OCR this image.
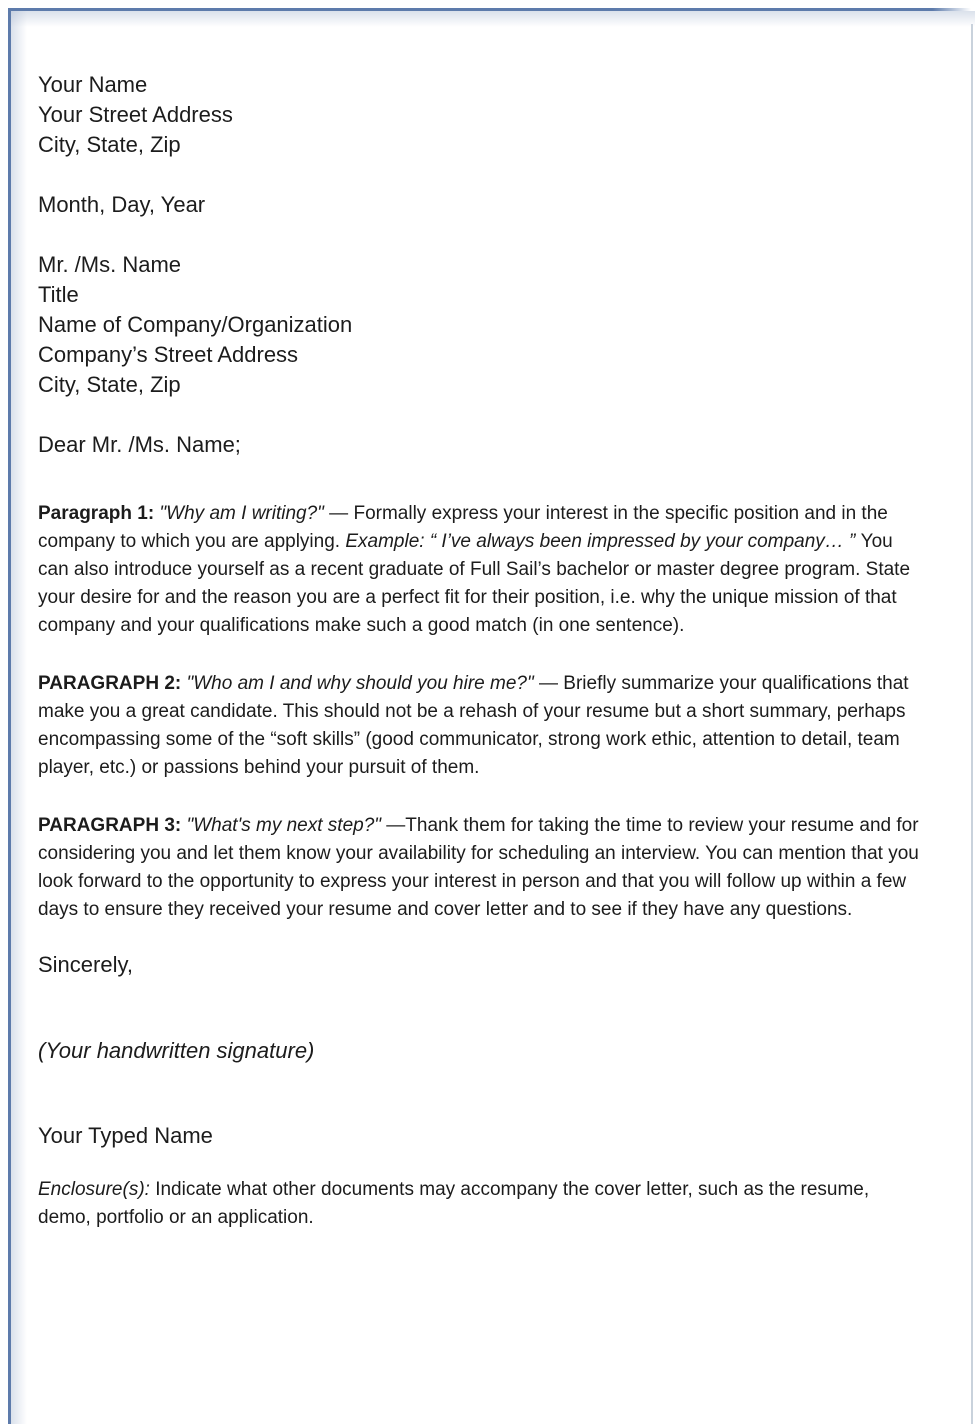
Your Name
Your Street Address
City, State, Zip
Month, Day, Year
Mr. /Ms. Name
Title
Name of Company/Organization
Company’s Street Address
City, State, Zip
Dear Mr. /Ms. Name;

Paragraph 1: "Why am I writing?" — Formally express your interest in the specific position and in the company to which you are applying. Example: “ I’ve always been impressed by your company… ” You can also introduce yourself as a recent graduate of Full Sail’s bachelor or master degree program. State your desire for and the reason you are a perfect fit for their position, i.e. why the unique mission of that company and your qualifications make such a good match (in one sentence).

PARAGRAPH 2: "Who am I and why should you hire me?" — Briefly summarize your qualifications that make you a great candidate. This should not be a rehash of your resume but a short summary, perhaps encompassing some of the “soft skills” (good communicator, strong work ethic, attention to detail, team player, etc.) or passions behind your pursuit of them.

PARAGRAPH 3: "What's my next step?" —Thank them for taking the time to review your resume and for considering you and let them know your availability for scheduling an interview. You can mention that you look forward to the opportunity to express your interest in person and that you will follow up within a few days to ensure they received your resume and cover letter and to see if they have any questions.

Sincerely,
(Your handwritten signature)
Your Typed Name

Enclosure(s): Indicate what other documents may accompany the cover letter, such as the resume, demo, portfolio or an application.
